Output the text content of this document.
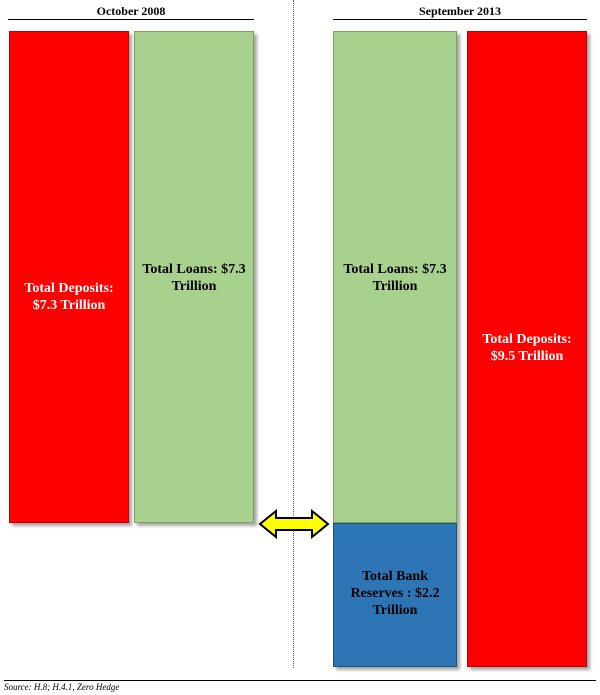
October 2008	September 2013
Total Deposits: $7.3 Trillion
Total Loans: $7.3 Trillion
Total Loans: $7.3 Trillion
Total Bank Reserves : $2.2 Trillion
Total Deposits: $9.5 Trillion
Source: H.8; H.4.1, Zero Hedge
